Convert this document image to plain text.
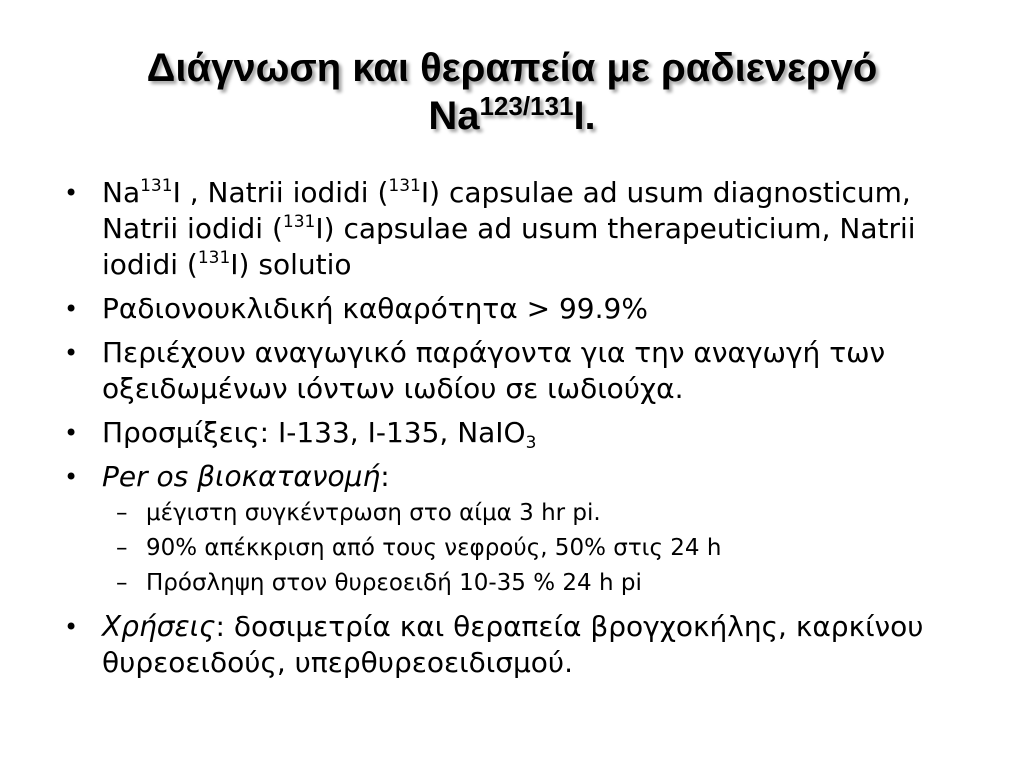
Διάγνωση και θεραπεία με ραδιενεργό
$Na^{123/131}I$.
• Na$^{131}$I , Natrii iodidi ($^{131}$I) capsulae ad usum diagnosticum, Natrii iodidi ($^{131}$I) capsulae ad usum therapeuticium, Natrii iodidi ($^{131}$I) solutio
• Ραδιονουκλιδική καθαρότητα > 99.9%
• Περιέχουν αναγωγικό παράγοντα για την αναγωγή των οξειδωμένων ιόντων ιωδίου σε ιωδιούχα.
• Προσμίξεις: I-133, I-135, NaIO$_3$
• Per os βιοκατανομή:
– μέγιστη συγκέντρωση στο αίμα 3 hr pi.
– 90% απέκκριση από τους νεφρούς, 50% στις 24 h
– Πρόσληψη στον θυρεοειδή 10-35 % 24 h pi
• Χρήσεις: δοσιμετρία και θεραπεία βρογχοκήλης, καρκίνου θυρεοειδούς, υπερθυρεοειδισμού.
